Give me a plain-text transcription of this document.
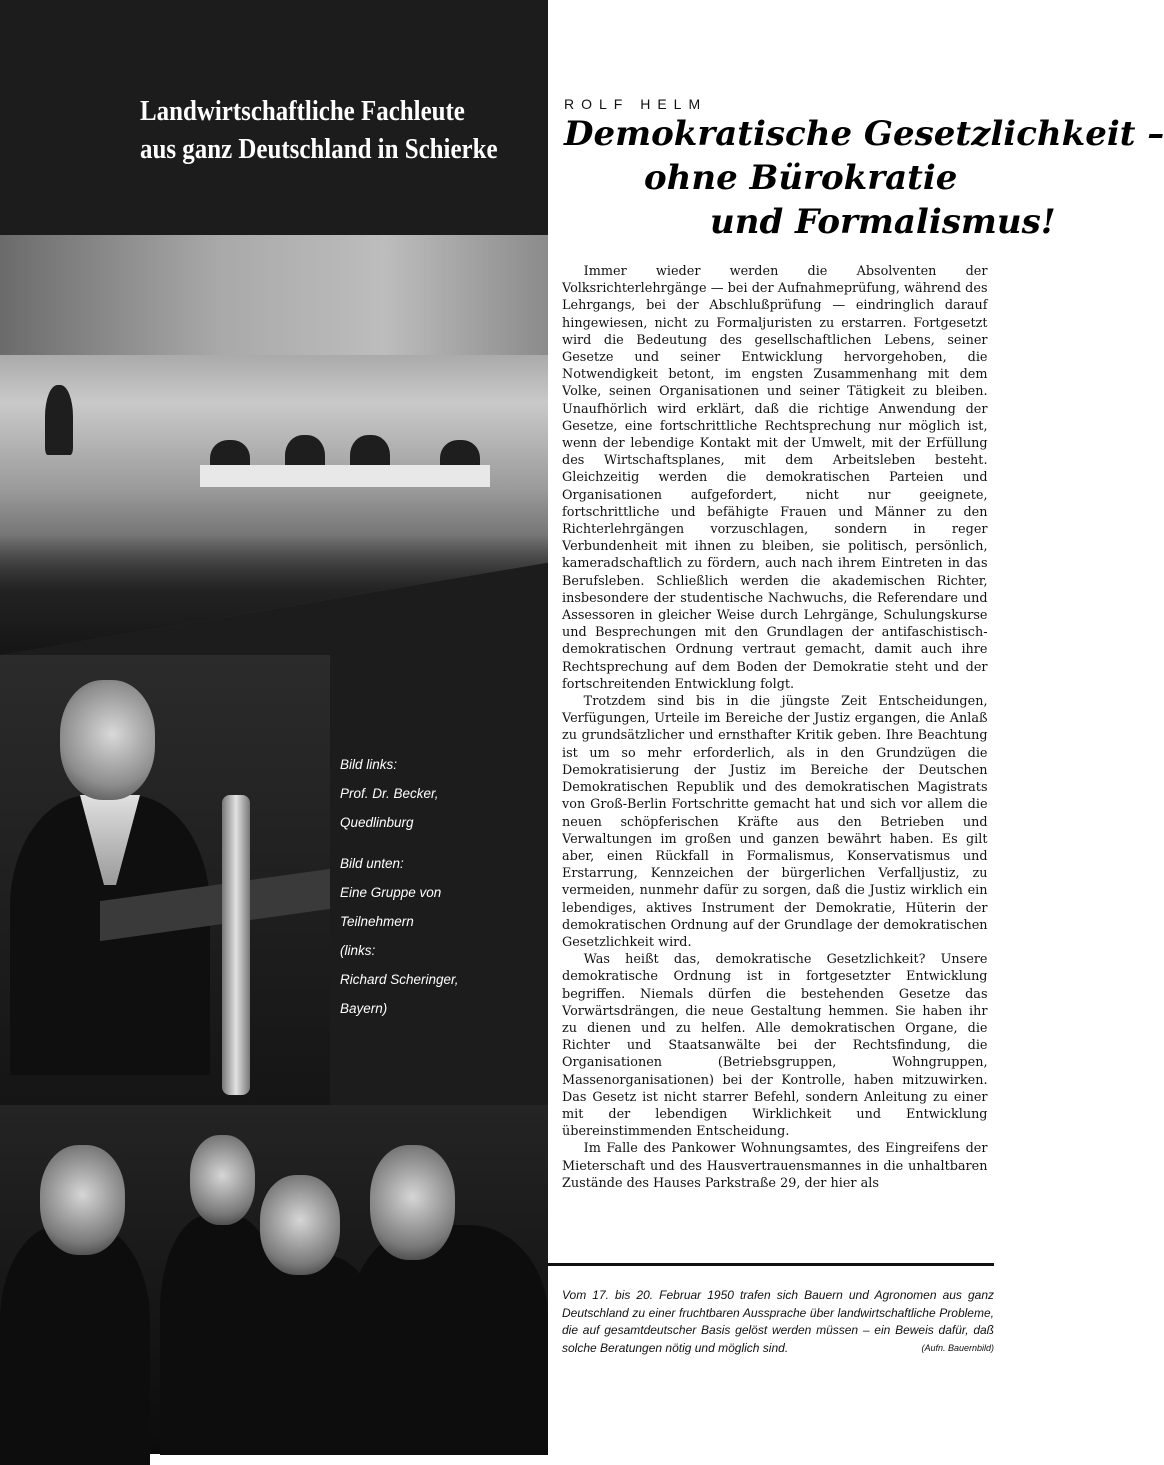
Landwirtschaftliche Fachleute
aus ganz Deutschland in Schierke

Bild links:

Prof. Dr. Becker,

Quedlinburg

Bild unten:

Eine Gruppe von

Teilnehmern

(links:

Richard Scheringer,

Bayern)

ROLF HELM

Demokratische Gesetzlichkeit –
ohne Bürokratie
und Formalismus!

Immer wieder werden die Absolventen der Volksrichterlehrgänge — bei der Aufnahmeprüfung, während des Lehrgangs, bei der Abschlußprüfung — eindringlich darauf hingewiesen, nicht zu Formaljuristen zu erstarren. Fortgesetzt wird die Bedeutung des gesellschaftlichen Lebens, seiner Gesetze und seiner Entwicklung hervorgehoben, die Notwendigkeit betont, im engsten Zusammenhang mit dem Volke, seinen Organisationen und seiner Tätigkeit zu bleiben. Unaufhörlich wird erklärt, daß die richtige Anwendung der Gesetze, eine fortschrittliche Rechtsprechung nur möglich ist, wenn der lebendige Kontakt mit der Umwelt, mit der Erfüllung des Wirtschaftsplanes, mit dem Arbeitsleben besteht. Gleichzeitig werden die demokratischen Parteien und Organisationen aufgefordert, nicht nur geeignete, fortschrittliche und befähigte Frauen und Männer zu den Richterlehrgängen vorzuschlagen, sondern in reger Verbundenheit mit ihnen zu bleiben, sie politisch, persönlich, kameradschaftlich zu fördern, auch nach ihrem Eintreten in das Berufsleben. Schließlich werden die akademischen Richter, insbesondere der studentische Nachwuchs, die Referendare und Assessoren in gleicher Weise durch Lehrgänge, Schulungskurse und Besprechungen mit den Grundlagen der antifaschistisch-demokratischen Ordnung vertraut gemacht, damit auch ihre Rechtsprechung auf dem Boden der Demokratie steht und der fortschreitenden Entwicklung folgt.

Trotzdem sind bis in die jüngste Zeit Entscheidungen, Verfügungen, Urteile im Bereiche der Justiz ergangen, die Anlaß zu grundsätzlicher und ernsthafter Kritik geben. Ihre Beachtung ist um so mehr erforderlich, als in den Grundzügen die Demokratisierung der Justiz im Bereiche der Deutschen Demokratischen Republik und des demokratischen Magistrats von Groß-Berlin Fortschritte gemacht hat und sich vor allem die neuen schöpferischen Kräfte aus den Betrieben und Verwaltungen im großen und ganzen bewährt haben. Es gilt aber, einen Rückfall in Formalismus, Konservatismus und Erstarrung, Kennzeichen der bürgerlichen Verfalljustiz, zu vermeiden, nunmehr dafür zu sorgen, daß die Justiz wirklich ein lebendiges, aktives Instrument der Demokratie, Hüterin der demokratischen Ordnung auf der Grundlage der demokratischen Gesetzlichkeit wird.

Was heißt das, demokratische Gesetzlichkeit? Unsere demokratische Ordnung ist in fortgesetzter Entwicklung begriffen. Niemals dürfen die bestehenden Gesetze das Vorwärtsdrängen, die neue Gestaltung hemmen. Sie haben ihr zu dienen und zu helfen. Alle demokratischen Organe, die Richter und Staatsanwälte bei der Rechtsfindung, die Organisationen (Betriebsgruppen, Wohngruppen, Massenorganisationen) bei der Kontrolle, haben mitzuwirken. Das Gesetz ist nicht starrer Befehl, sondern Anleitung zu einer mit der lebendigen Wirklichkeit und Entwicklung übereinstimmenden Entscheidung.

Im Falle des Pankower Wohnungsamtes, des Eingreifens der Mieterschaft und des Hausvertrauensmannes in die unhaltbaren Zustände des Hauses Parkstraße 29, der hier als

Vom 17. bis 20. Februar 1950 trafen sich Bauern und Agronomen aus ganz Deutschland zu einer fruchtbaren Aussprache über landwirtschaftliche Probleme, die auf gesamtdeutscher Basis gelöst werden müssen – ein Beweis dafür, daß solche Beratungen nötig und möglich sind.	(Aufn. Bauernbild)
